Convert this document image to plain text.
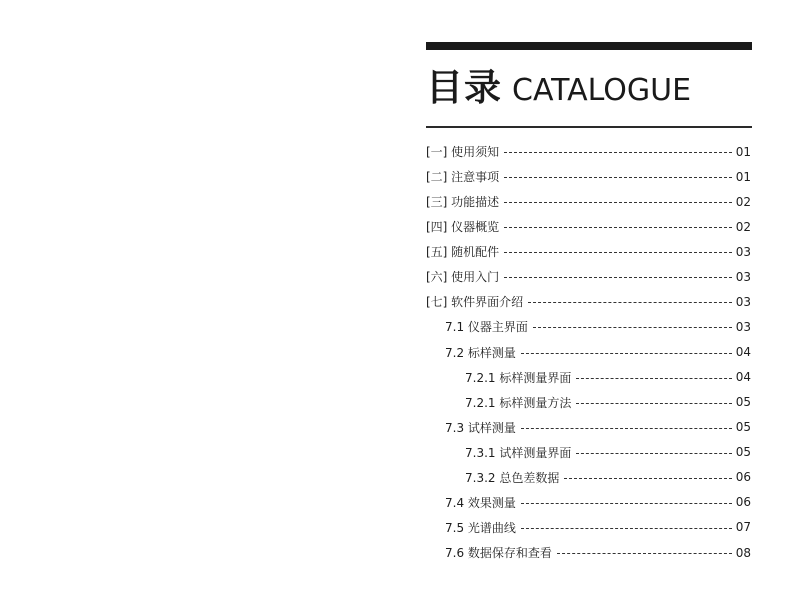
目录 CATALOGUE
[一] 使用须知	01
[二] 注意事项	01
[三] 功能描述	02
[四] 仪器概览	02
[五] 随机配件	03
[六] 使用入门	03
[七] 软件界面介绍	03
7.1 仪器主界面	03
7.2 标样测量	04
7.2.1 标样测量界面	04
7.2.1 标样测量方法	05
7.3 试样测量	05
7.3.1 试样测量界面	05
7.3.2 总色差数据	06
7.4 效果测量	06
7.5 光谱曲线	07
7.6 数据保存和查看	08
